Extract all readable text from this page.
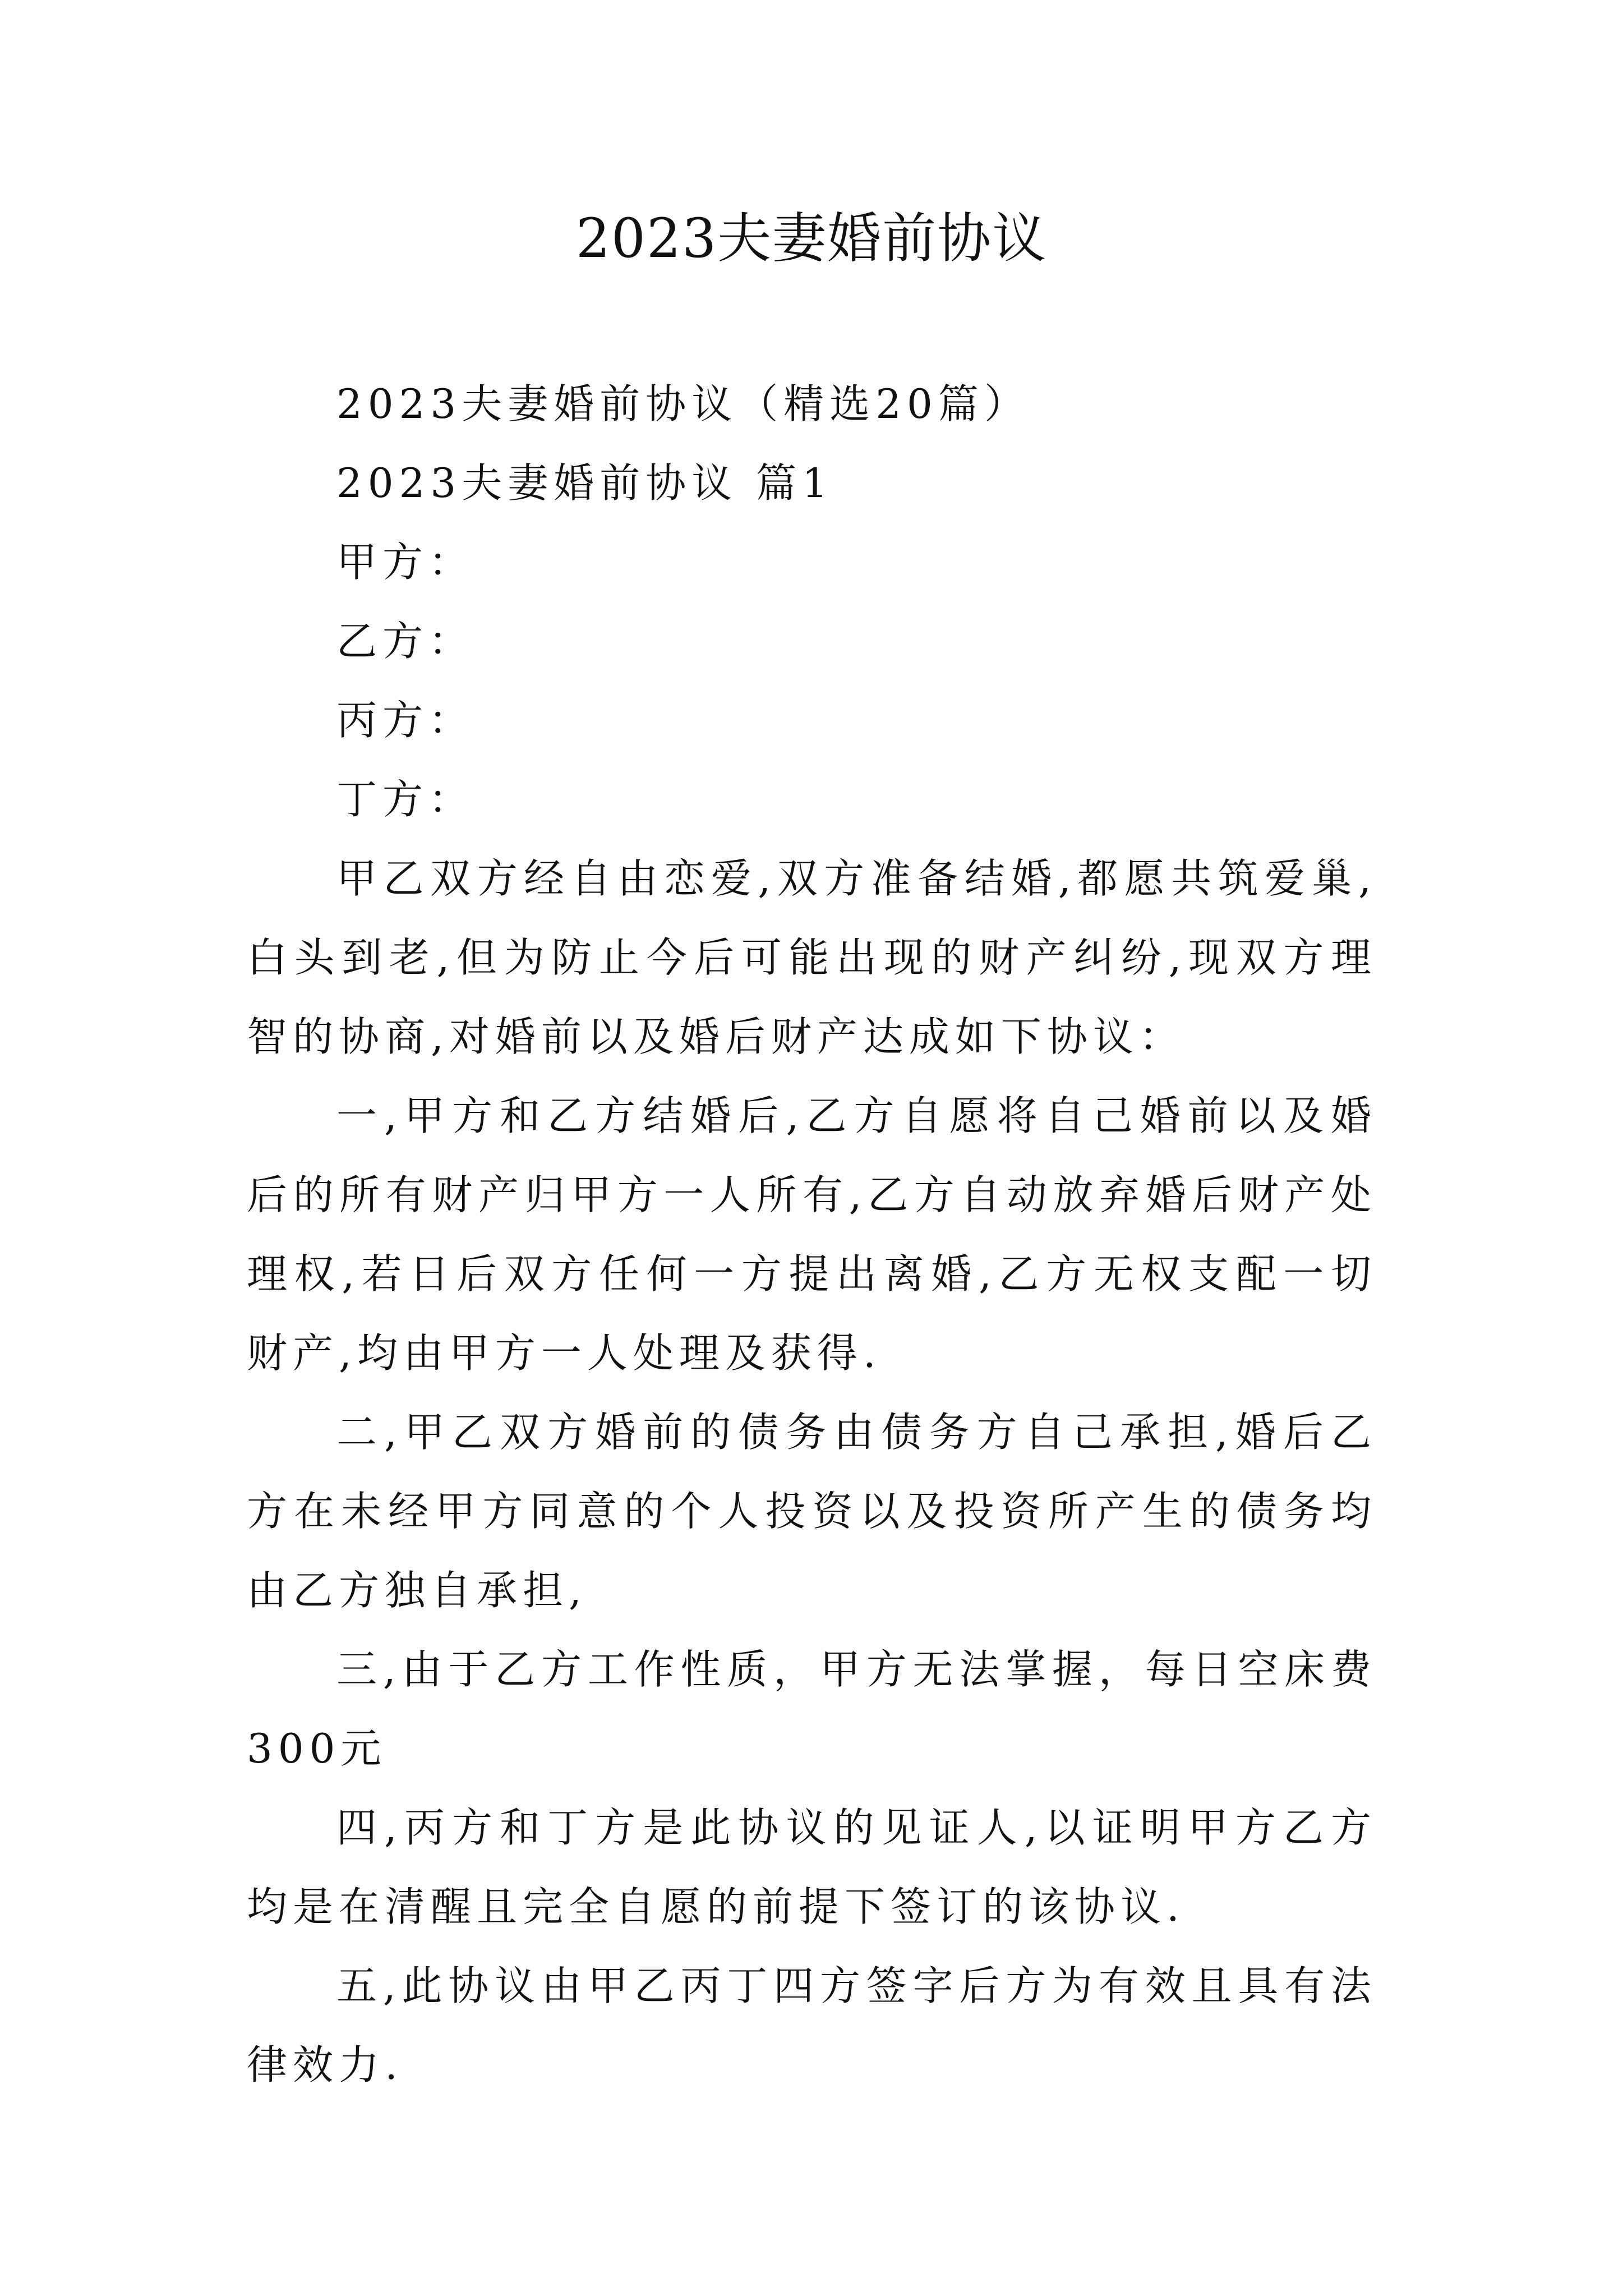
2023夫妻婚前协议

2023夫妻婚前协议（精选20篇）

2023夫妻婚前协议 篇1

甲方：

乙方：

丙方：

丁方：

甲乙双方经自由恋爱,双方准备结婚,都愿共筑爱巢,白头到老,但为防止今后可能出现的财产纠纷,现双方理智的协商,对婚前以及婚后财产达成如下协议：

一,甲方和乙方结婚后,乙方自愿将自己婚前以及婚后的所有财产归甲方一人所有,乙方自动放弃婚后财产处理权,若日后双方任何一方提出离婚,乙方无权支配一切财产,均由甲方一人处理及获得.

二,甲乙双方婚前的债务由债务方自己承担,婚后乙方在未经甲方同意的个人投资以及投资所产生的债务均由乙方独自承担,

三,由于乙方工作性质，甲方无法掌握，每日空床费300元

四,丙方和丁方是此协议的见证人,以证明甲方乙方均是在清醒且完全自愿的前提下签订的该协议.

五,此协议由甲乙丙丁四方签字后方为有效且具有法律效力.
